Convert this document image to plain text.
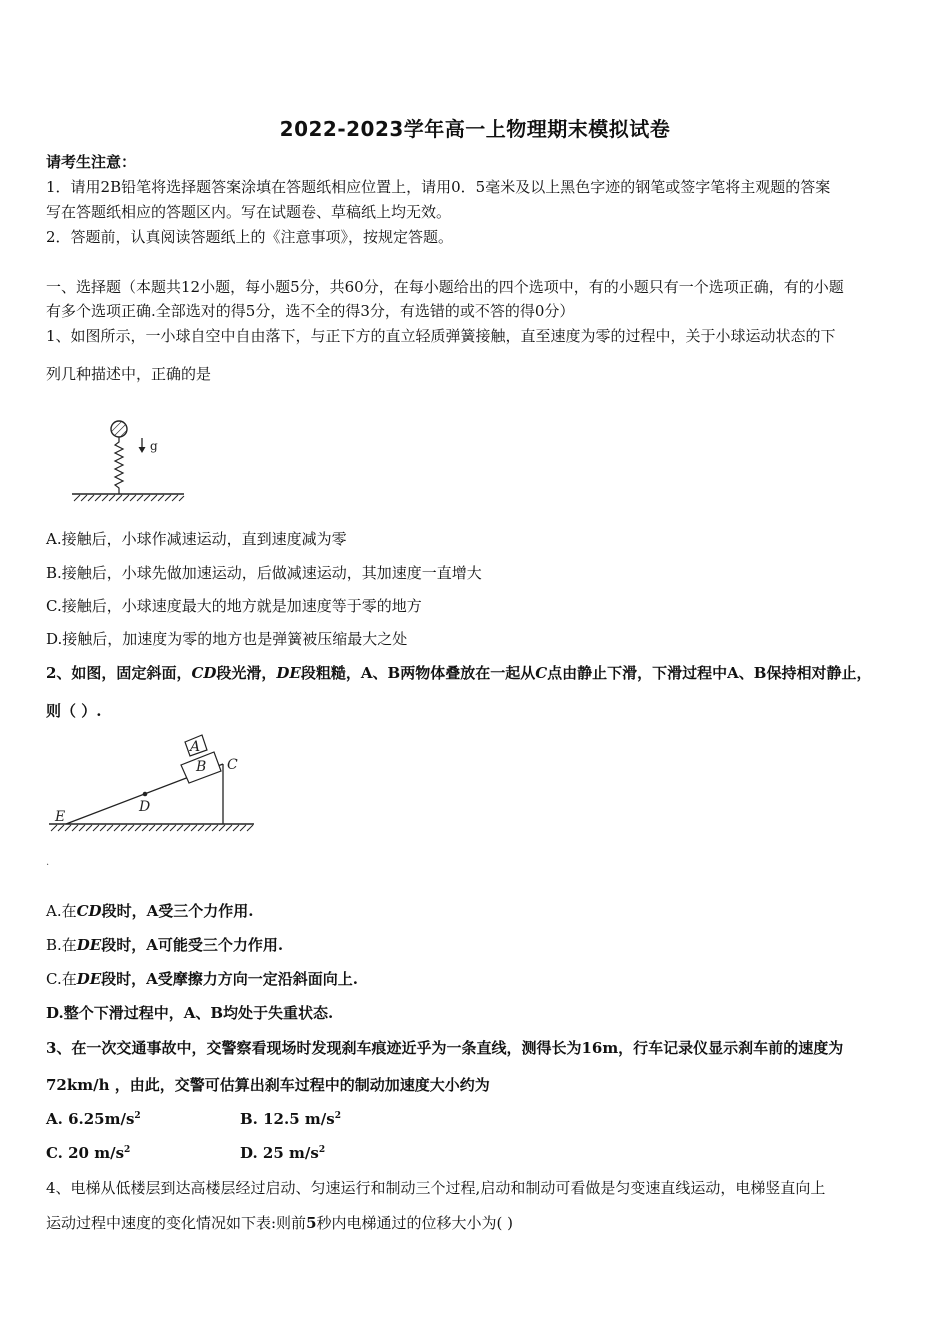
2022-2023学年高一上物理期末模拟试卷
请考生注意：
1．请用2B铅笔将选择题答案涂填在答题纸相应位置上，请用0．5毫米及以上黑色字迹的钢笔或签字笔将主观题的答案
写在答题纸相应的答题区内。写在试题卷、草稿纸上均无效。
2．答题前，认真阅读答题纸上的《注意事项》，按规定答题。
一、选择题（本题共12小题，每小题5分，共60分，在每小题给出的四个选项中，有的小题只有一个选项正确，有的小题
有多个选项正确.全部选对的得5分，选不全的得3分，有选错的或不答的得0分）
1、如图所示，一小球自空中自由落下，与正下方的直立轻质弹簧接触，直至速度为零的过程中，关于小球运动状态的下
列几种描述中，正确的是
g
A.接触后，小球作减速运动，直到速度减为零
B.接触后，小球先做加速运动，后做减速运动，其加速度一直增大
C.接触后，小球速度最大的地方就是加速度等于零的地方
D.接触后，加速度为零的地方也是弹簧被压缩最大之处
2、如图，固定斜面，CD段光滑，DE段粗糙，A、B两物体叠放在一起从C点由静止下滑，下滑过程中A、B保持相对静止，
则（ ）.
A
B C
D
E
.
A.在CD段时，A受三个力作用.
B.在DE段时，A可能受三个力作用.
C.在DE段时，A受摩擦力方向一定沿斜面向上.
D.整个下滑过程中，A、B均处于失重状态.
3、在一次交通事故中，交警察看现场时发现刹车痕迹近乎为一条直线，测得长为16m，行车记录仪显示刹车前的速度为
72km/h ，由此，交警可估算出刹车过程中的制动加速度大小约为
A. $6.25m/s^2$	B. 12.5 $m/s^2$
C. 20 $m/s^2$	D. 25 $m/s^2$
4、电梯从低楼层到达高楼层经过启动、匀速运行和制动三个过程,启动和制动可看做是匀变速直线运动，电梯竖直向上
运动过程中速度的变化情况如下表:则前5秒内电梯通过的位移大小为( )
